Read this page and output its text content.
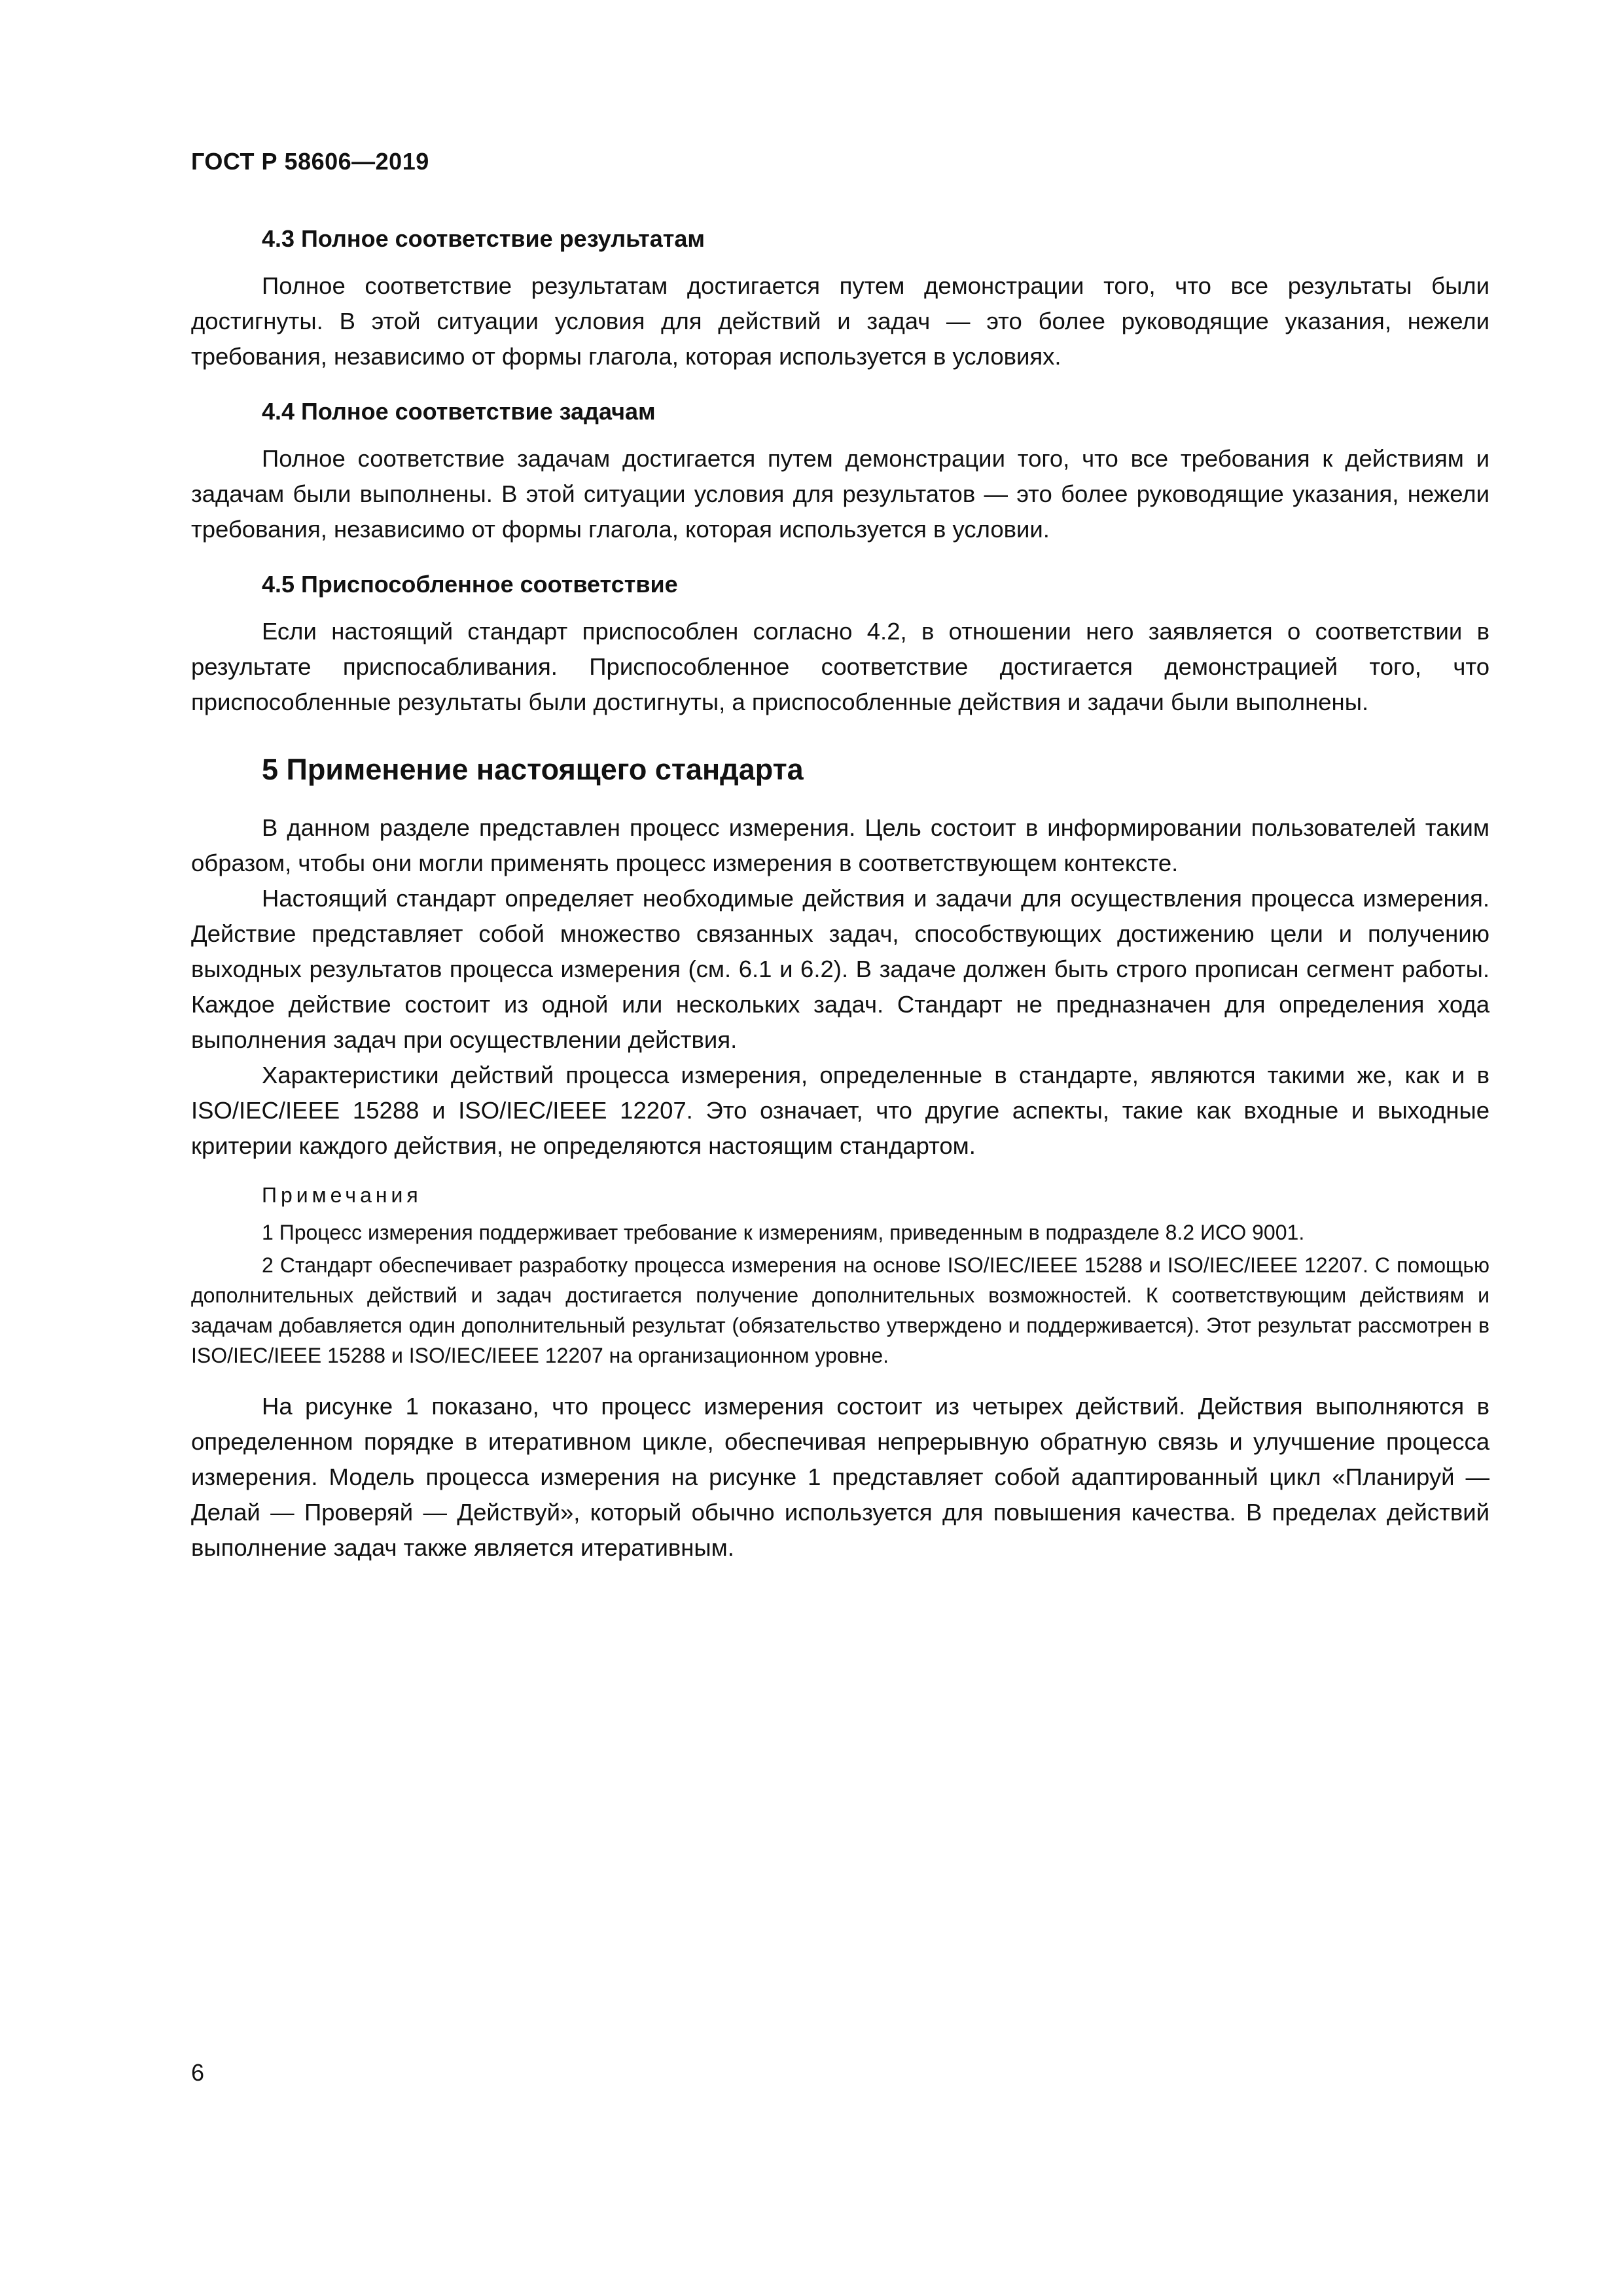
ГОСТ Р 58606—2019
4.3 Полное соответствие результатам

Полное соответствие результатам достигается путем демонстрации того, что все результаты были достигнуты. В этой ситуации условия для действий и задач — это более руководящие указания, нежели требования, независимо от формы глагола, которая используется в условиях.

4.4 Полное соответствие задачам

Полное соответствие задачам достигается путем демонстрации того, что все требования к действиям и задачам были выполнены. В этой ситуации условия для результатов — это более руководящие указания, нежели требования, независимо от формы глагола, которая используется в условии.

4.5 Приспособленное соответствие

Если настоящий стандарт приспособлен согласно 4.2, в отношении него заявляется о соответствии в результате приспосабливания. Приспособленное соответствие достигается демонстрацией того, что приспособленные результаты были достигнуты, а приспособленные действия и задачи были выполнены.

5 Применение настоящего стандарта

В данном разделе представлен процесс измерения. Цель состоит в информировании пользователей таким образом, чтобы они могли применять процесс измерения в соответствующем контексте.

Настоящий стандарт определяет необходимые действия и задачи для осуществления процесса измерения. Действие представляет собой множество связанных задач, способствующих достижению цели и получению выходных результатов процесса измерения (см. 6.1 и 6.2). В задаче должен быть строго прописан сегмент работы. Каждое действие состоит из одной или нескольких задач. Стандарт не предназначен для определения хода выполнения задач при осуществлении действия.

Характеристики действий процесса измерения, определенные в стандарте, являются такими же, как и в ISO/IEC/IEEE 15288 и ISO/IEC/IEEE 12207. Это означает, что другие аспекты, такие как входные и выходные критерии каждого действия, не определяются настоящим стандартом.

Примечания

1 Процесс измерения поддерживает требование к измерениям, приведенным в подразделе 8.2 ИСО 9001.

2 Стандарт обеспечивает разработку процесса измерения на основе ISO/IEC/IEEE 15288 и ISO/IEC/IEEE 12207. С помощью дополнительных действий и задач достигается получение дополнительных возможностей. К соответствующим действиям и задачам добавляется один дополнительный результат (обязательство утверждено и поддерживается). Этот результат рассмотрен в ISO/IEC/IEEE 15288 и ISO/IEC/IEEE 12207 на организационном уровне.

На рисунке 1 показано, что процесс измерения состоит из четырех действий. Действия выполняются в определенном порядке в итеративном цикле, обеспечивая непрерывную обратную связь и улучшение процесса измерения. Модель процесса измерения на рисунке 1 представляет собой адаптированный цикл «Планируй — Делай — Проверяй — Действуй», который обычно используется для повышения качества. В пределах действий выполнение задач также является итеративным.

6
